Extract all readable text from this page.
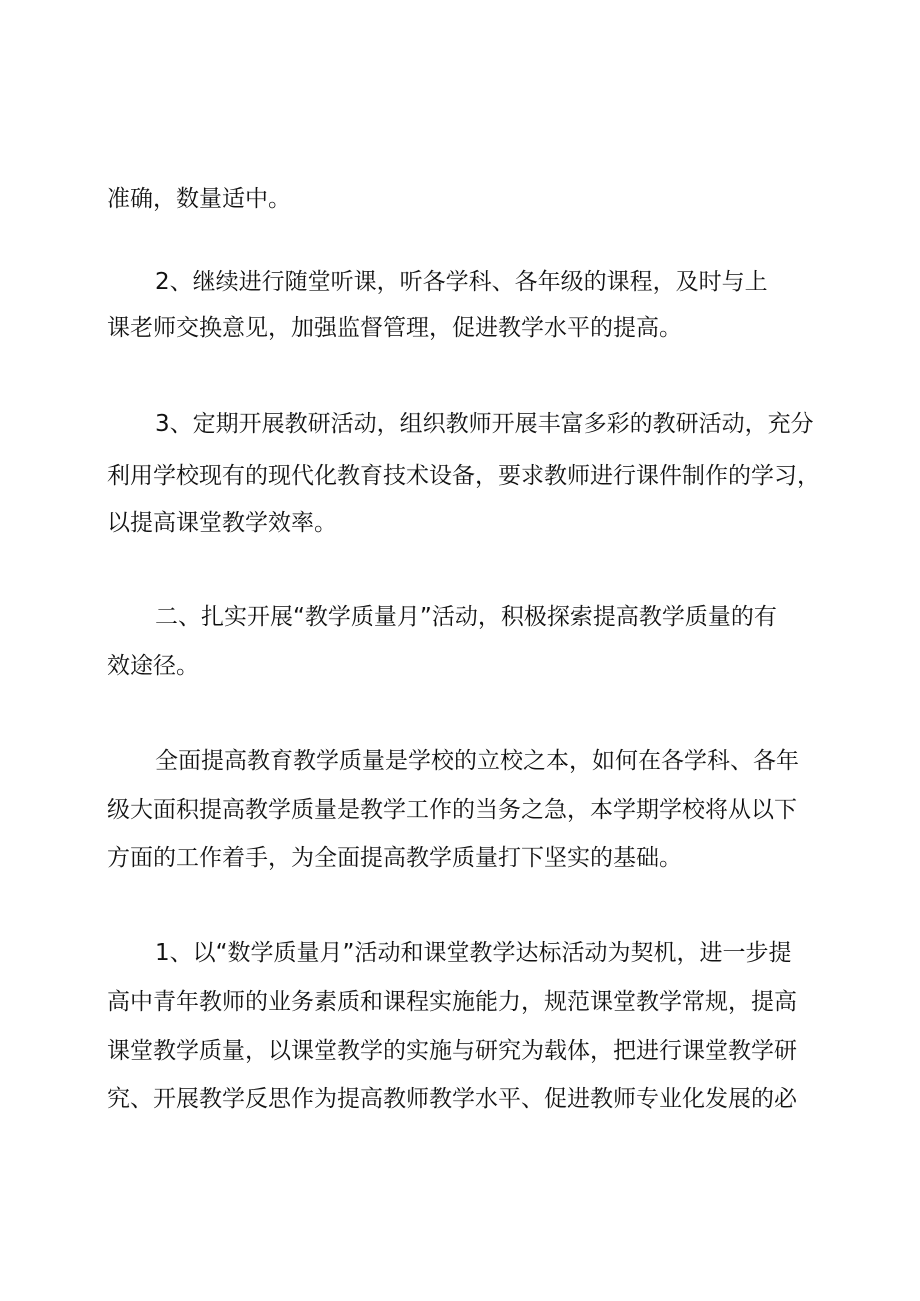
准确，数量适中。

2、继续进行随堂听课，听各学科、各年级的课程，及时与上

课老师交换意见，加强监督管理，促进教学水平的提高。

3、定期开展教研活动，组织教师开展丰富多彩的教研活动，充分

利用学校现有的现代化教育技术设备，要求教师进行课件制作的学习，

以提高课堂教学效率。

二、扎实开展“教学质量月”活动，积极探索提高教学质量的有

效途径。

全面提高教育教学质量是学校的立校之本，如何在各学科、各年

级大面积提高教学质量是教学工作的当务之急，本学期学校将从以下

方面的工作着手，为全面提高教学质量打下坚实的基础。

1、以“数学质量月”活动和课堂教学达标活动为契机，进一步提

高中青年教师的业务素质和课程实施能力，规范课堂教学常规，提高

课堂教学质量，以课堂教学的实施与研究为载体，把进行课堂教学研

究、开展教学反思作为提高教师教学水平、促进教师专业化发展的必
